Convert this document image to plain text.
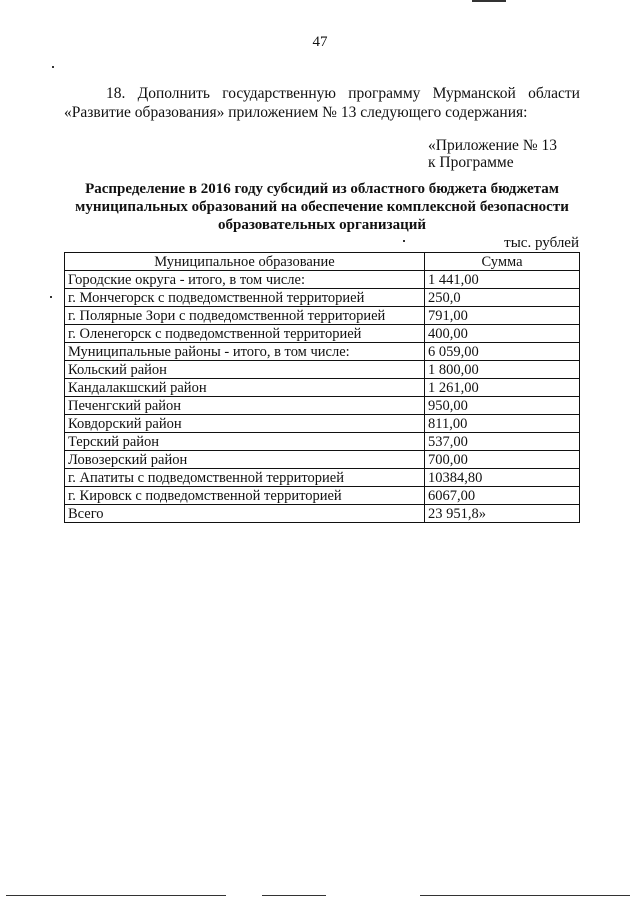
47
18. Дополнить государственную программу Мурманской области
«Развитие образования» приложением № 13 следующего содержания:
«Приложение № 13
к Программе
Распределение в 2016 году субсидий из областного бюджета бюджетам
муниципальных образований на обеспечение комплексной безопасности
образовательных организаций
тыс. рублей
Муниципальное образование	Сумма
Городские округа - итого, в том числе:	1 441,00
г. Мончегорск с подведомственной территорией	250,0
г. Полярные Зори с подведомственной территорией	791,00
г. Оленегорск с подведомственной территорией	400,00
Муниципальные районы - итого, в том числе:	6 059,00
Кольский район	1 800,00
Кандалакшский район	1 261,00
Печенгский район	950,00
Ковдорский район	811,00
Терский район	537,00
Ловозерский район	700,00
г. Апатиты с подведомственной территорией	10384,80
г. Кировск с подведомственной территорией	6067,00
Всего	23 951,8»
